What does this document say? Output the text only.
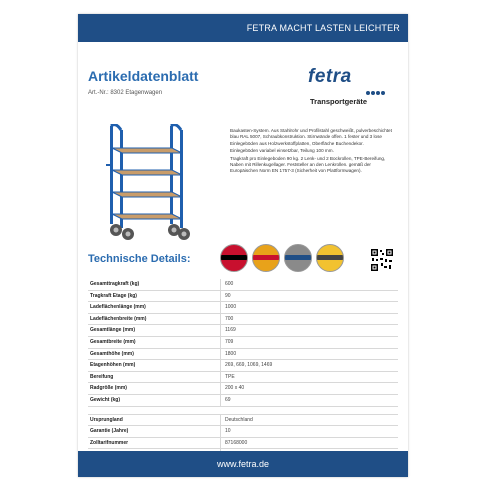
FETRA MACHT LASTEN LEICHTER
Artikeldatenblatt
Art.-Nr.: 8302 Etagenwagen
fetra
Transportgeräte

Baukasten-System. Aus Stahlrohr und Profilstahl geschweißt, pulverbeschichtet blau RAL 5007, Schraubkonstruktion. Stirnwände offen. 1 fester und 3 lose Einlegeböden aus Holzwerkstoffplatten, Oberfläche Buchendekor.

Einlegeböden variabel einsetzbar, Teilung 100 mm.

Tragkraft pro Einlegeboden 90 kg. 2 Lenk- und 2 Bockrollen, TPE-Bereifung, Naben mit Rillenkugellager. Feststeller an den Lenkrollen. gemäß der Europäischen Norm EN 1757-3 (Sicherheit von Plattformwagen).

Technische Details:
Gesamttragkraft (kg)	600
Tragkraft Etage (kg)	90
Ladeflächenlänge (mm)	1000
Ladeflächenbreite (mm)	700
Gesamtlänge (mm)	1169
Gesamtbreite (mm)	709
Gesamthöhe (mm)	1800
Etagenhöhen (mm)	269, 669, 1069, 1469
Bereifung	TPE
Radgröße (mm)	200 x 40
Gewicht (kg)	69
Ursprungland	Deutschland
Garantie (Jahre)	10
Zolltarifnummer	87168000
www.fetra.de
